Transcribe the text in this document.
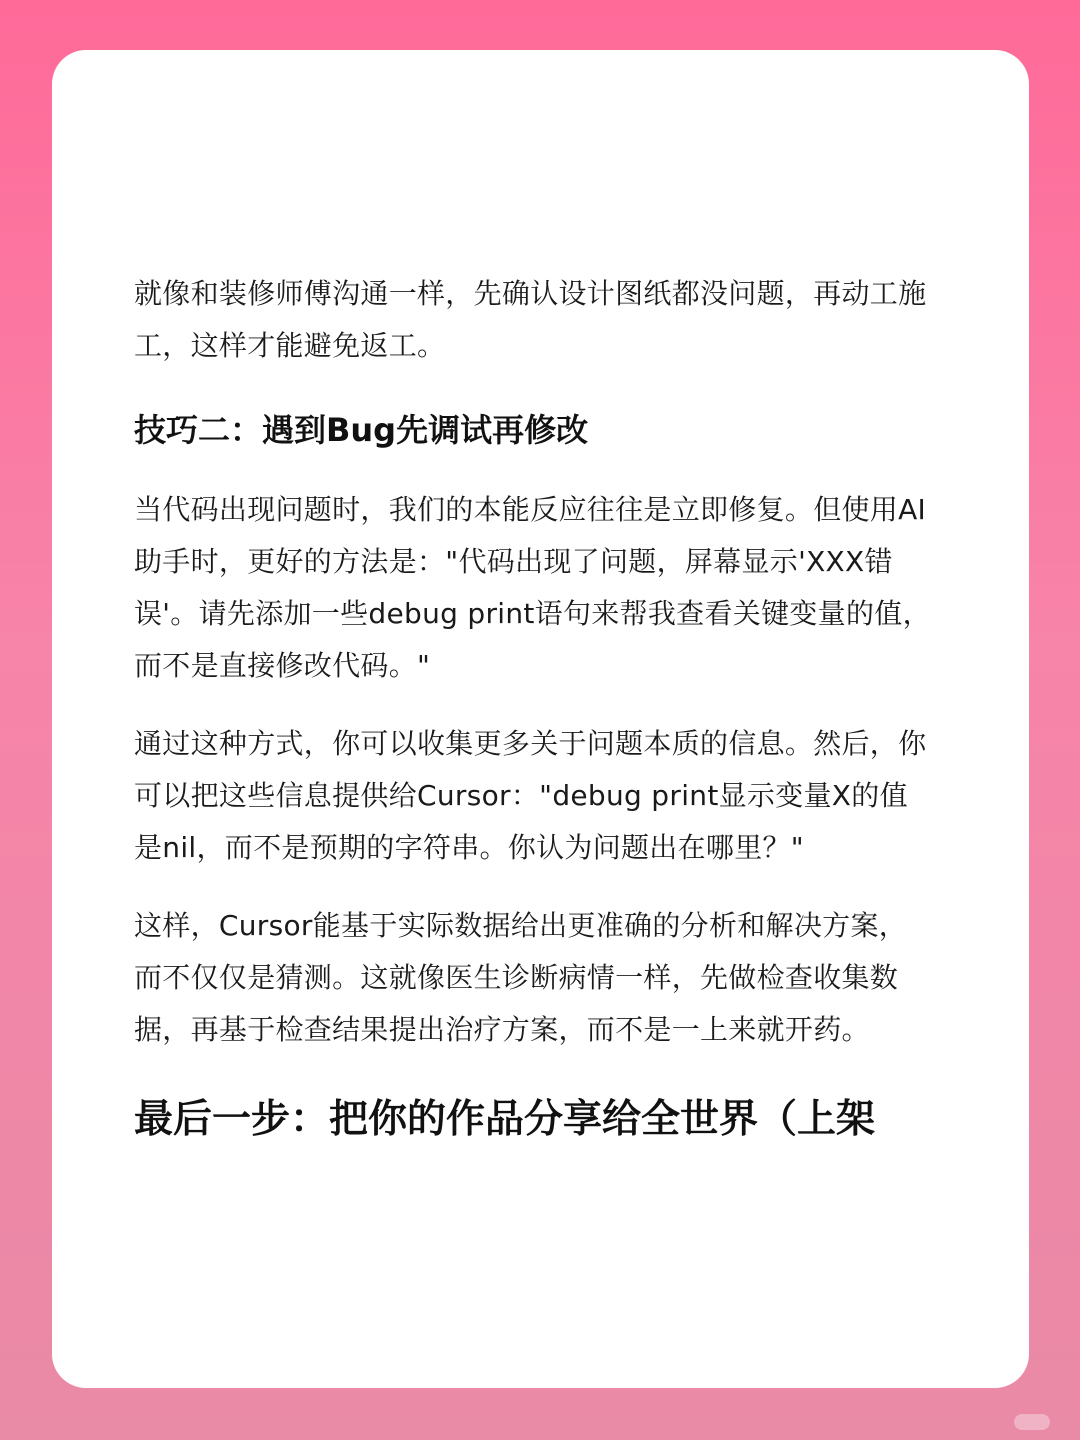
就像和装修师傅沟通一样，先确认设计图纸都没问题，再动工施工，这样才能避免返工。

技巧二：遇到Bug先调试再修改

当代码出现问题时，我们的本能反应往往是立即修复。但使用AI助手时，更好的方法是："代码出现了问题，屏幕显示'XXX错误'。请先添加一些debug print语句来帮我查看关键变量的值，而不是直接修改代码。"

通过这种方式，你可以收集更多关于问题本质的信息。然后，你可以把这些信息提供给Cursor："debug print显示变量X的值是nil，而不是预期的字符串。你认为问题出在哪里？"

这样，Cursor能基于实际数据给出更准确的分析和解决方案，而不仅仅是猜测。这就像医生诊断病情一样，先做检查收集数据，再基于检查结果提出治疗方案，而不是一上来就开药。

最后一步：把你的作品分享给全世界（上架
